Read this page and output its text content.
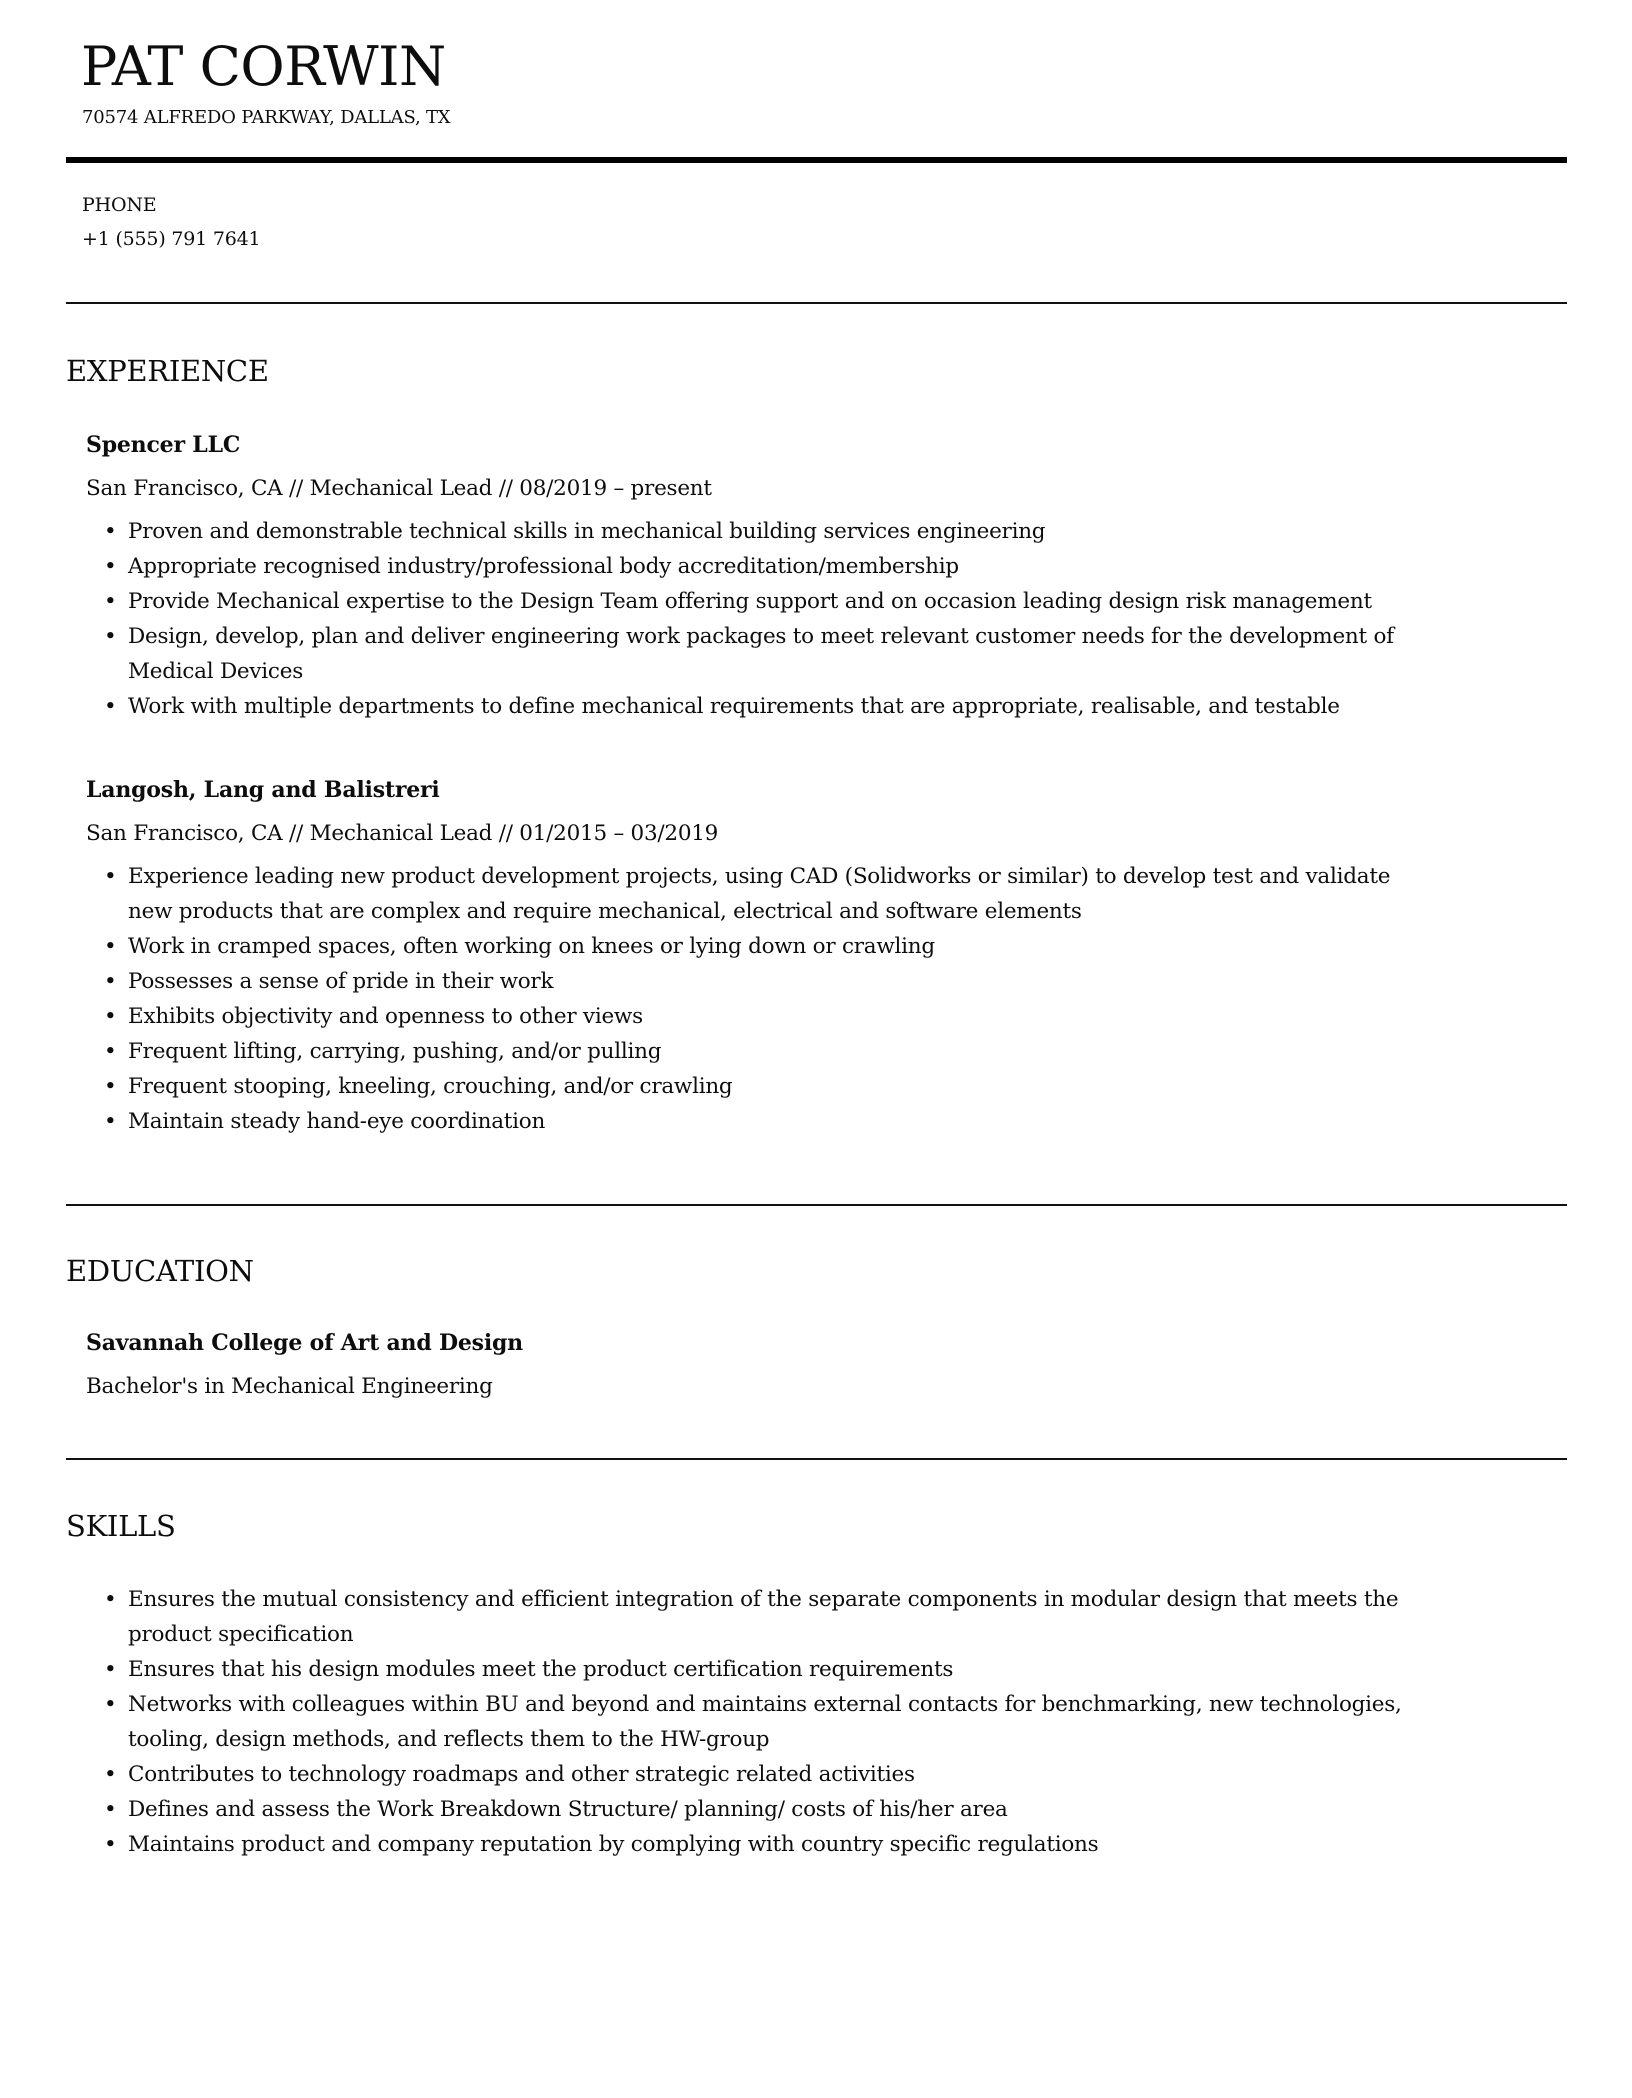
PAT CORWIN
70574 ALFREDO PARKWAY, DALLAS, TX
PHONE
+1 (555) 791 7641
EXPERIENCE
Spencer LLC
San Francisco, CA // Mechanical Lead // 08/2019 – present
• Proven and demonstrable technical skills in mechanical building services engineering
• Appropriate recognised industry/professional body accreditation/membership
• Provide Mechanical expertise to the Design Team offering support and on occasion leading design risk management
• Design, develop, plan and deliver engineering work packages to meet relevant customer needs for the development of
Medical Devices
• Work with multiple departments to define mechanical requirements that are appropriate, realisable, and testable
Langosh, Lang and Balistreri
San Francisco, CA // Mechanical Lead // 01/2015 – 03/2019
• Experience leading new product development projects, using CAD (Solidworks or similar) to develop test and validate
new products that are complex and require mechanical, electrical and software elements
• Work in cramped spaces, often working on knees or lying down or crawling
• Possesses a sense of pride in their work
• Exhibits objectivity and openness to other views
• Frequent lifting, carrying, pushing, and/or pulling
• Frequent stooping, kneeling, crouching, and/or crawling
• Maintain steady hand-eye coordination
EDUCATION
Savannah College of Art and Design
Bachelor's in Mechanical Engineering
SKILLS
• Ensures the mutual consistency and efficient integration of the separate components in modular design that meets the
product specification
• Ensures that his design modules meet the product certification requirements
• Networks with colleagues within BU and beyond and maintains external contacts for benchmarking, new technologies,
tooling, design methods, and reflects them to the HW-group
• Contributes to technology roadmaps and other strategic related activities
• Defines and assess the Work Breakdown Structure/ planning/ costs of his/her area
• Maintains product and company reputation by complying with country specific regulations
